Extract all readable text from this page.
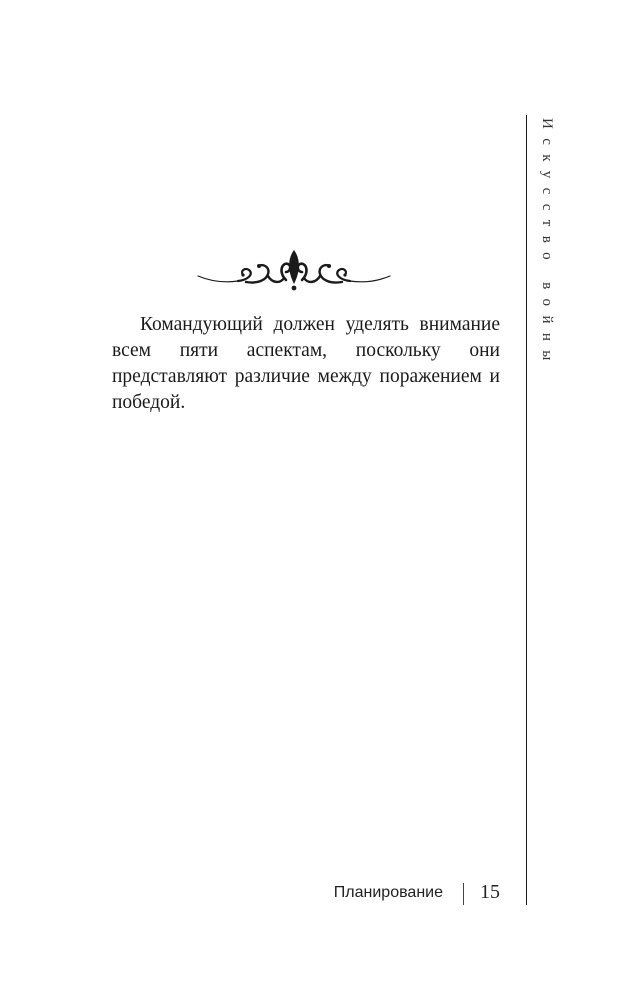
Командующий должен уделять внимание всем пяти аспектам, поскольку они представляют различие между поражением и победой.

Искусство войны
Планирование 15
